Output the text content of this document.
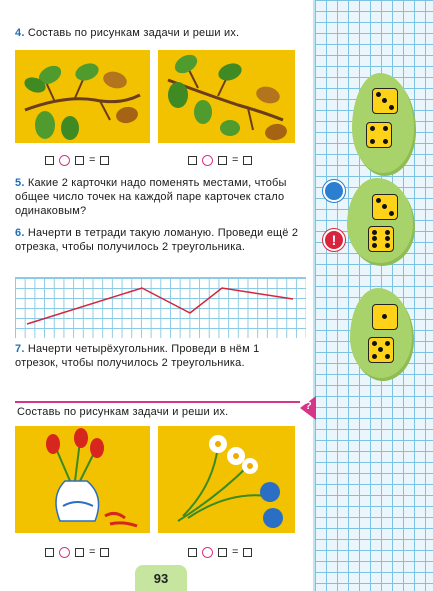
4. Составь по рисункам задачи и реши их.
=	=
5. Какие 2 карточки надо поменять местами, чтобы общее число точек на каждой паре карточек стало одинаковым?
6. Начерти в тетради такую ломаную. Проведи ещё 2 отрезка, чтобы получилось 2 треугольника.
7. Начерти четырёхугольник. Проведи в нём 1 отрезок, чтобы получилось 2 треугольника.
Составь по рисункам задачи и реши их.	?
=	=
93
!
